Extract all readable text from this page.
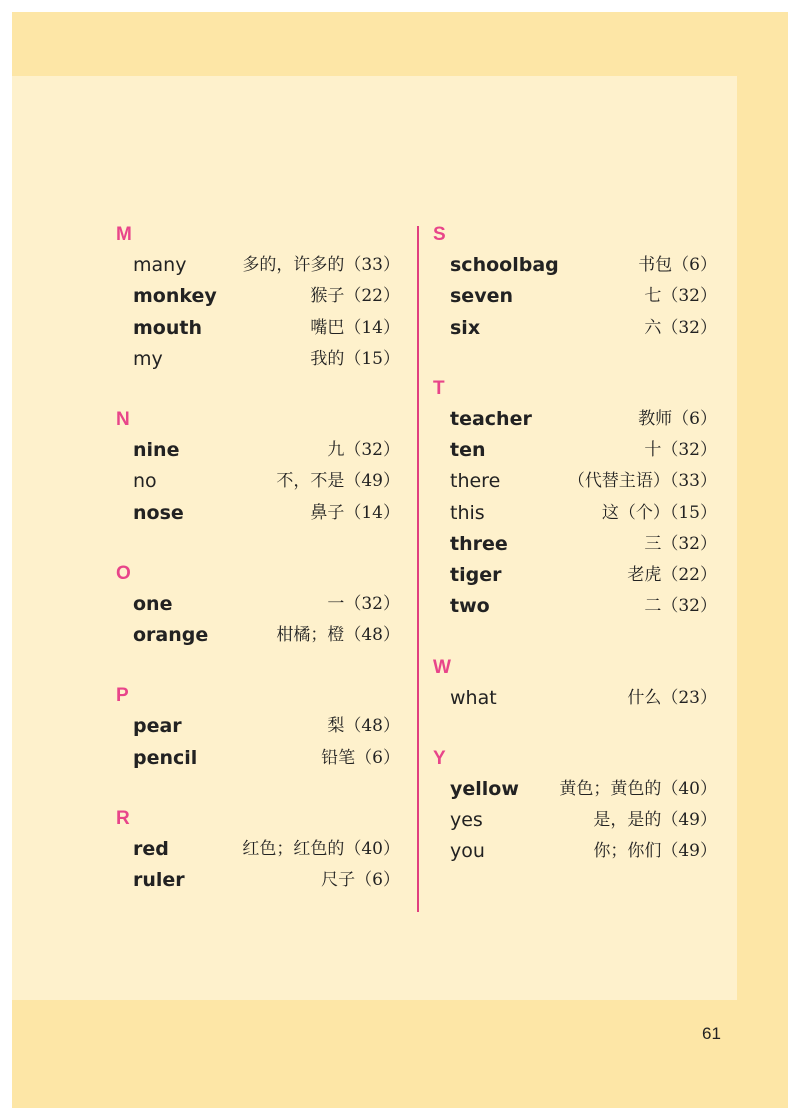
M
many	多的，许多的（33）
monkey	猴子（22）
mouth	嘴巴（14）
my	我的（15）
N
nine	九（32）
no	不，不是（49）
nose	鼻子（14）
O
one	一（32）
orange	柑橘；橙（48）
P
pear	梨（48）
pencil	铅笔（6）
R
red	红色；红色的（40）
ruler	尺子（6）
S
schoolbag	书包（6）
seven	七（32）
six	六（32）
T
teacher	教师（6）
ten	十（32）
there	（代替主语）（33）
this	这（个）（15）
three	三（32）
tiger	老虎（22）
two	二（32）
W
what	什么（23）
Y
yellow 黄色；黄色的（40）
yes	是，是的（49）
you	你；你们（49）
61
